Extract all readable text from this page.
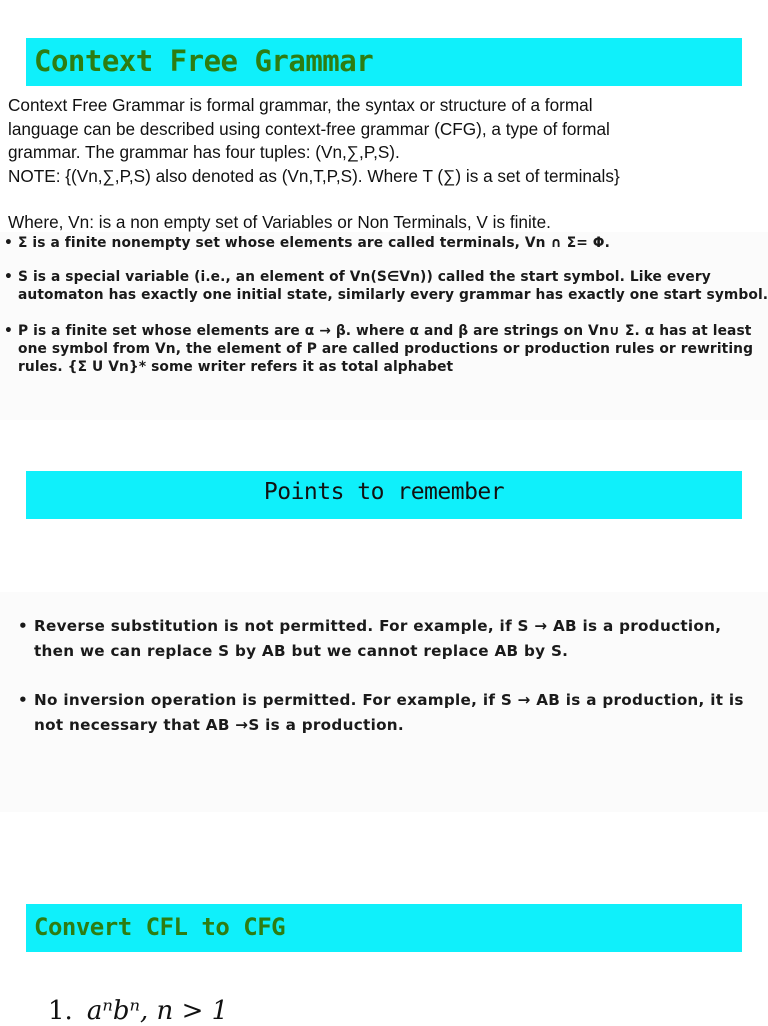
Context Free Grammar

Context Free Grammar is formal grammar, the syntax or structure of a formal

language can be described using context-free grammar (CFG), a type of formal

grammar. The grammar has four tuples: (Vn,∑,P,S).

NOTE: {(Vn,∑,P,S) also denoted as (Vn,T,P,S). Where T (∑) is a set of terminals}

Where, Vn: is a non empty set of Variables or Non Terminals, V is finite.

• Σ is a finite nonempty set whose elements are called terminals, Vn ∩ Σ= Φ.
• S is a special variable (i.e., an element of Vn(S∈Vn)) called the start symbol. Like every
automaton has exactly one initial state, similarly every grammar has exactly one start symbol.
• P is a finite set whose elements are α → β. where α and β are strings on Vn∪ Σ. α has at least
one symbol from Vn, the element of P are called productions or production rules or rewriting
rules. {Σ U Vn}* some writer refers it as total alphabet
Points to remember
• Reverse substitution is not permitted. For example, if S → AB is a production,
then we can replace S by AB but we cannot replace AB by S.
• No inversion operation is permitted. For example, if S → AB is a production, it is
not necessary that AB →S is a production.
Convert CFL to CFG
1. aⁿbⁿ, n > 1
